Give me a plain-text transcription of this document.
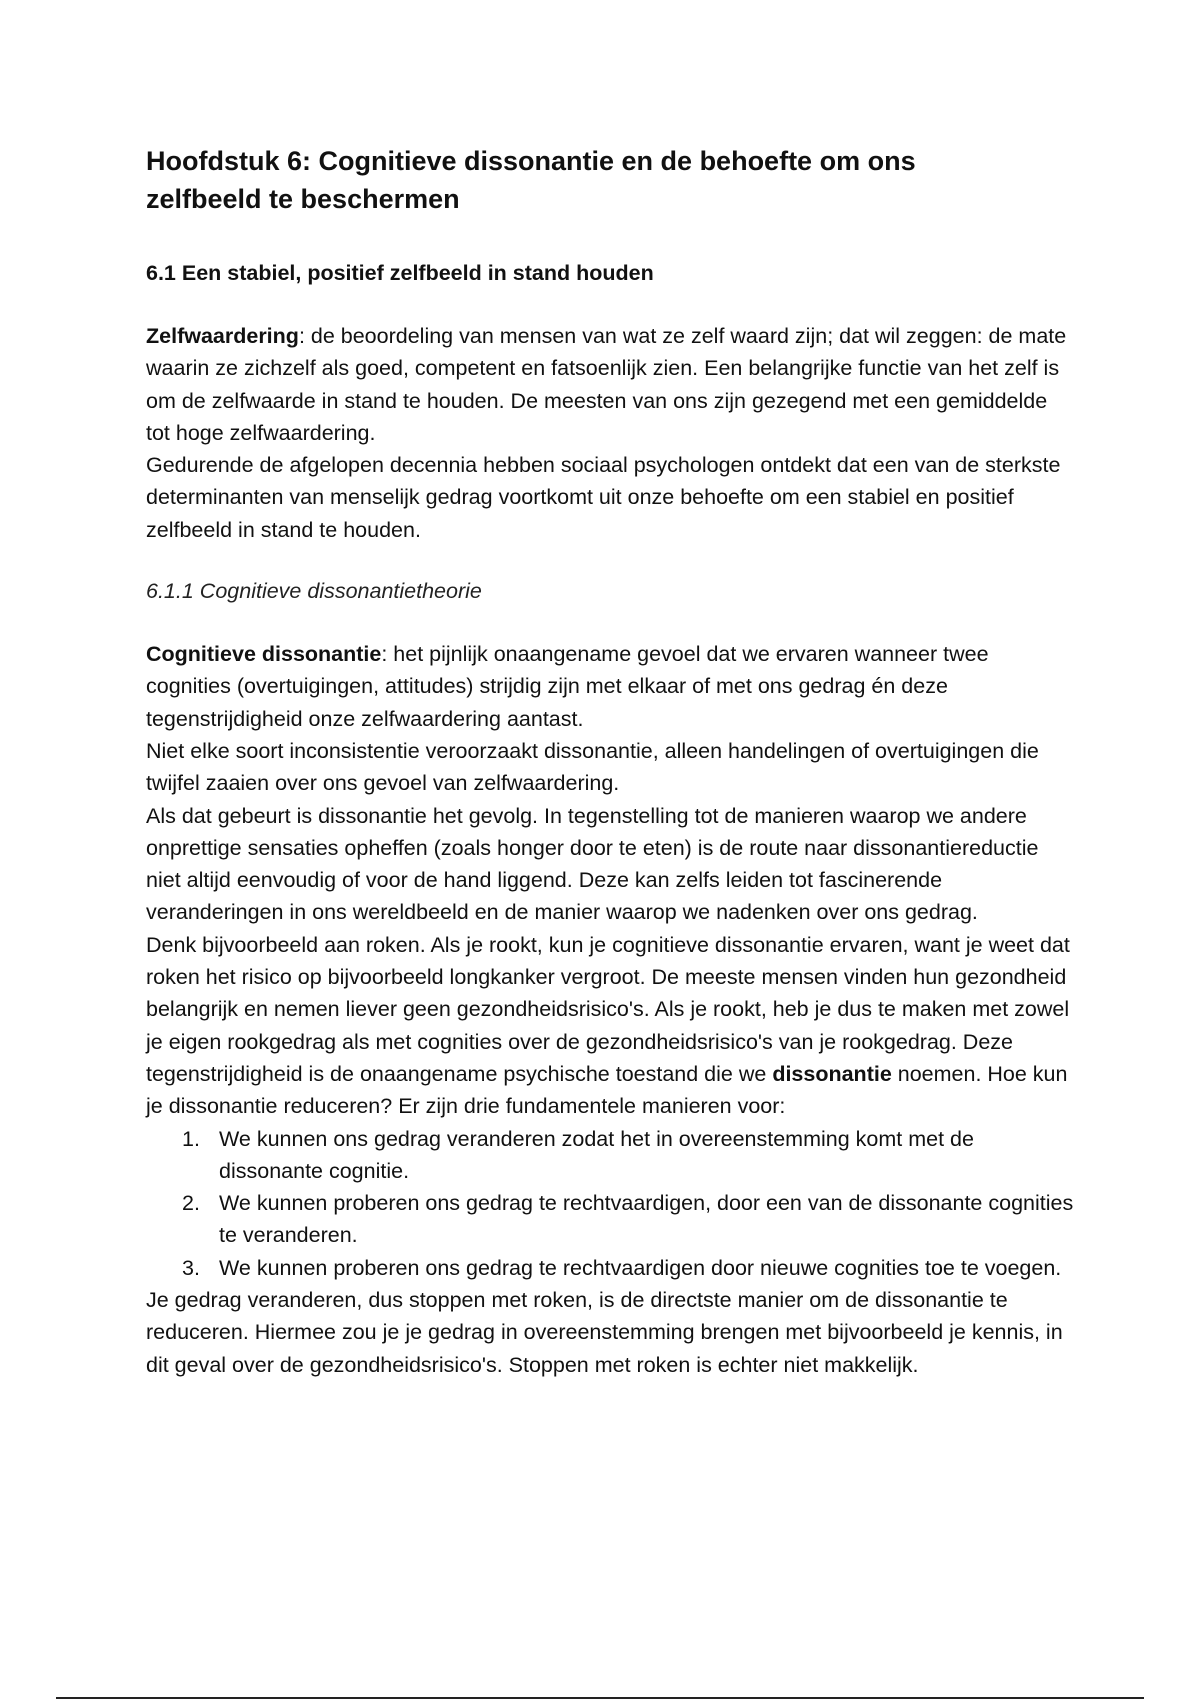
Hoofdstuk 6: Cognitieve dissonantie en de behoefte om ons zelfbeeld te beschermen
6.1 Een stabiel, positief zelfbeeld in stand houden

Zelfwaardering: de beoordeling van mensen van wat ze zelf waard zijn; dat wil zeggen: de mate waarin ze zichzelf als goed, competent en fatsoenlijk zien. Een belangrijke functie van het zelf is om de zelfwaarde in stand te houden. De meesten van ons zijn gezegend met een gemiddelde tot hoge zelfwaardering.

Gedurende de afgelopen decennia hebben sociaal psychologen ontdekt dat een van de sterkste determinanten van menselijk gedrag voortkomt uit onze behoefte om een stabiel en positief zelfbeeld in stand te houden.

6.1.1 Cognitieve dissonantietheorie

Cognitieve dissonantie: het pijnlijk onaangename gevoel dat we ervaren wanneer twee cognities (overtuigingen, attitudes) strijdig zijn met elkaar of met ons gedrag én deze tegenstrijdigheid onze zelfwaardering aantast.

Niet elke soort inconsistentie veroorzaakt dissonantie, alleen handelingen of overtuigingen die twijfel zaaien over ons gevoel van zelfwaardering.

Als dat gebeurt is dissonantie het gevolg. In tegenstelling tot de manieren waarop we andere onprettige sensaties opheffen (zoals honger door te eten) is de route naar dissonantiereductie niet altijd eenvoudig of voor de hand liggend. Deze kan zelfs leiden tot fascinerende veranderingen in ons wereldbeeld en de manier waarop we nadenken over ons gedrag.

Denk bijvoorbeeld aan roken. Als je rookt, kun je cognitieve dissonantie ervaren, want je weet dat roken het risico op bijvoorbeeld longkanker vergroot. De meeste mensen vinden hun gezondheid belangrijk en nemen liever geen gezondheidsrisico's. Als je rookt, heb je dus te maken met zowel je eigen rookgedrag als met cognities over de gezondheidsrisico's van je rookgedrag. Deze tegenstrijdigheid is de onaangename psychische toestand die we dissonantie noemen. Hoe kun je dissonantie reduceren? Er zijn drie fundamentele manieren voor:

1. We kunnen ons gedrag veranderen zodat het in overeenstemming komt met de dissonante cognitie.
2. We kunnen proberen ons gedrag te rechtvaardigen, door een van de dissonante cognities te veranderen.
3. We kunnen proberen ons gedrag te rechtvaardigen door nieuwe cognities toe te voegen.

Je gedrag veranderen, dus stoppen met roken, is de directste manier om de dissonantie te reduceren. Hiermee zou je je gedrag in overeenstemming brengen met bijvoorbeeld je kennis, in dit geval over de gezondheidsrisico's. Stoppen met roken is echter niet makkelijk.
